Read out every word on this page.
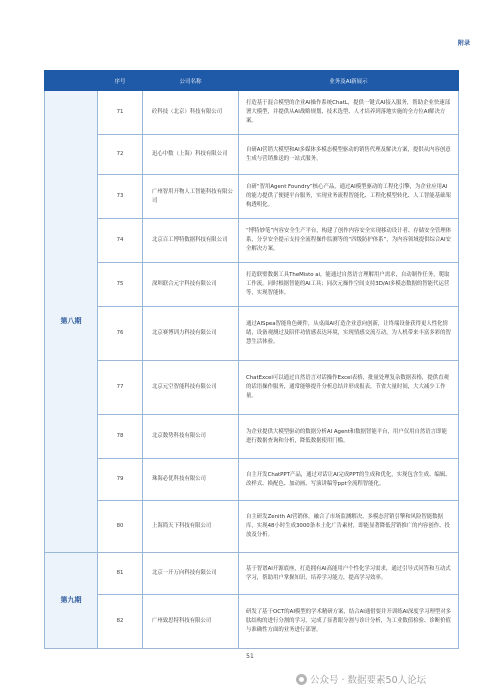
附录
	序号	公司名称	业务及AI新展示
第八期	71	砼科技（北京）科技有限公司	打造基于混合模型的企业AI操作系统ChatL，提供一键式AI接入服务，帮助企业快速部署大模型，并提供从AI战略规划、技术选型、人才培养到落地实施的全方位AI解决方案。
	72	迅心中数（上海）科技有限公司	自研AI营销大模型和AI多媒体多模态模型驱动的销售代理及解决方案，提供从内容创意生成与营销推送的一站式服务。
	73	广州智用开物人工智能科技有限公司	自研“智用Agent Foundry”核心产品，通过AI模型驱动的工程化引擎，为企业应用AI的能力提供了便捷平台服务，实现业务流程智能化、工程化模型转化、人工智能基础架构透明化。
	74	北京百工博特数据科技有限公司	“博特妙笔”内容安全生产平台，构建了创作内容安全实现移动设计者、存储安全管理体系，分享安全提示支持全流程操作监测等的“四级防护体系”，为内容领域提供综合AI安全解决方案。
	75	深圳联合元宇科技有限公司	打造联璧数据工具TheMisto ai，能通过自然语言理解用户需求，自动制作任务，爬取工作流，同时根据智能的AI工具；同次元操作空间支持3D/AI多模态数据的智能代运营等，实现智能体。
	76	北京赛博训力科技有限公司	通过AISpea智能角色硬件，从桌面AI打造企业意向创新，让终端设备获得更人性化情绪，设备观测过及陪伴功情感表达环境，实现情感交流互动，为人机带来丰富多彩的智慧生活体验。
	77	北京元空智能科技有限公司	ChatExcel可以通过自然语言对话操作Excel表格，批量处理复杂数据表格，提供直观的话语操作服务，通常能够提升分析总结并形成报表，节省大量时间，大大减少工作量。
	78	北京数势科技有限公司	为企业提供大模型驱动的数据分析AI Agent和数据智能平台，用户仅用自然语言即能进行数据查询和分析，降低数据使用门槛。
	79	珠海必优科技有限公司	自主开发ChatPPT产品，通过对话让AI完成PPT的生成和优化，实现包含生成、编辑、改样式、换配色、加动画、写演讲稿等ppt全流程智能化。
	80	上海简天下科技有限公司	自主研发Zenith AI营销体，融合了市场监测解决、多模态营销引擎和风险智能数据库，实现48小时生成3000条本土化广告素材，即能显著降低营销推广的内容创作、投放及分析。
第九期	81	北京一开万向科技有限公司	基于智谱AI开源底座，打造拥有AI高能用户个性化学习需求，通过引导式问答和互动式学习，帮助用户掌握知识，培养学习能力，提高学习效率。
	82	广州致思特科技有限公司	研发了基于OCT的AI模型的学术精研方案，结合AI通借要并开训练AI深度学习理型对多肽结构的进行分割的学习，完成了显著眼分割与诊计分析，为工业数值检验、诊断价值与准确性方面的业务进行部署。
51
公众号 · 数据要素50人论坛
